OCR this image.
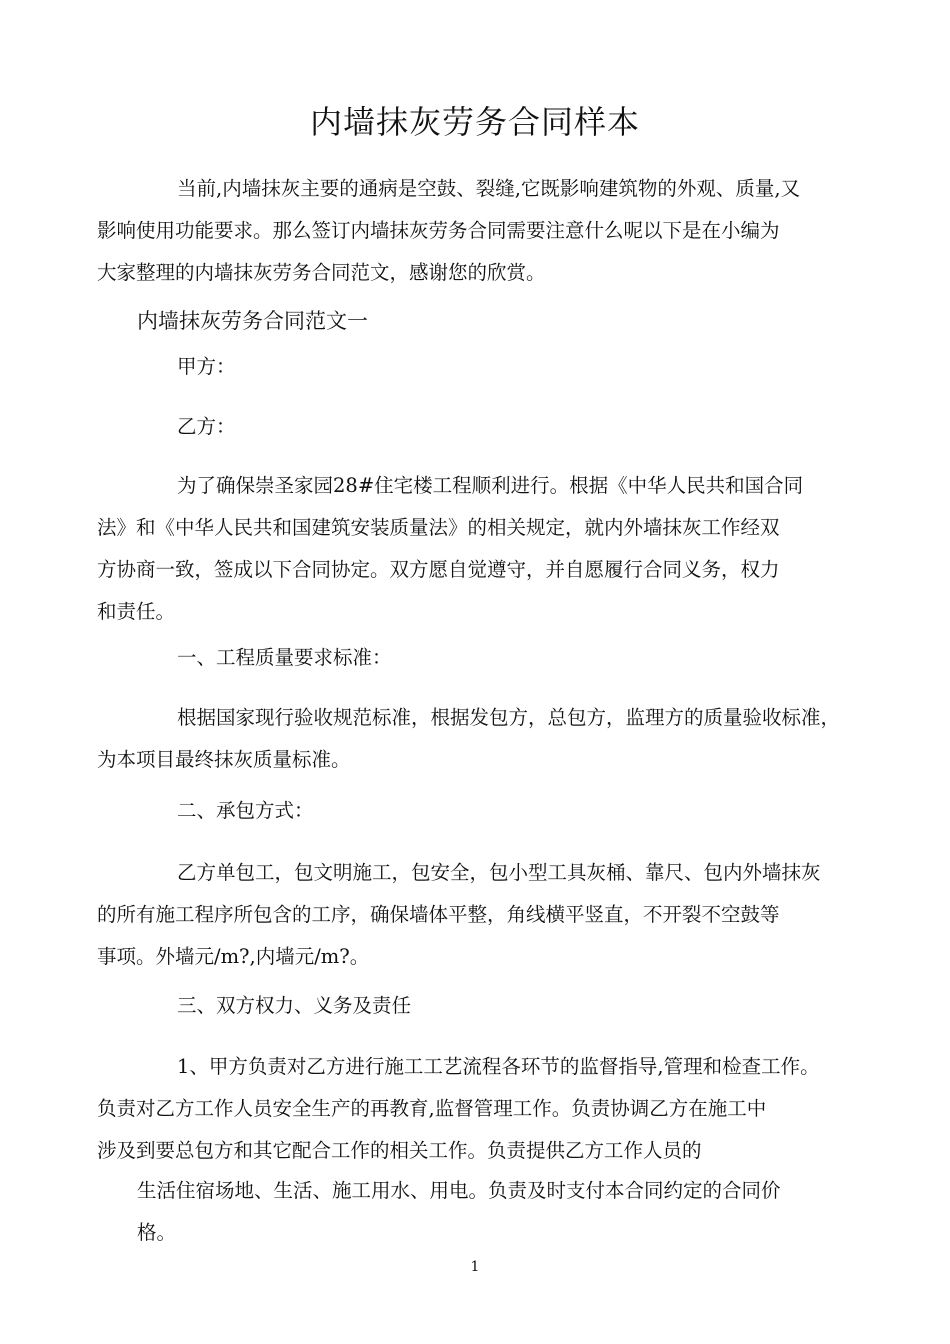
内墙抹灰劳务合同样本
当前,内墙抹灰主要的通病是空鼓、裂缝,它既影响建筑物的外观、质量,又
影响使用功能要求。那么签订内墙抹灰劳务合同需要注意什么呢以下是在小编为
大家整理的内墙抹灰劳务合同范文，感谢您的欣赏。
内墙抹灰劳务合同范文一
甲方：
乙方：
为了确保崇圣家园28#住宅楼工程顺利进行。根据《中华人民共和国合同
法》和《中华人民共和国建筑安装质量法》的相关规定，就内外墙抹灰工作经双
方协商一致，签成以下合同协定。双方愿自觉遵守，并自愿履行合同义务，权力
和责任。
一、工程质量要求标准：
根据国家现行验收规范标准，根据发包方，总包方，监理方的质量验收标准，
为本项目最终抹灰质量标准。
二、承包方式：
乙方单包工，包文明施工，包安全，包小型工具灰桶、靠尺、包内外墙抹灰
的所有施工程序所包含的工序，确保墙体平整，角线横平竖直，不开裂不空鼓等
事项。外墙元/m?,内墙元/m?。
三、双方权力、义务及责任
1、甲方负责对乙方进行施工工艺流程各环节的监督指导,管理和检查工作。
负责对乙方工作人员安全生产的再教育,监督管理工作。负责协调乙方在施工中
涉及到要总包方和其它配合工作的相关工作。负责提供乙方工作人员的
生活住宿场地、生活、施工用水、用电。负责及时支付本合同约定的合同价格。
1
